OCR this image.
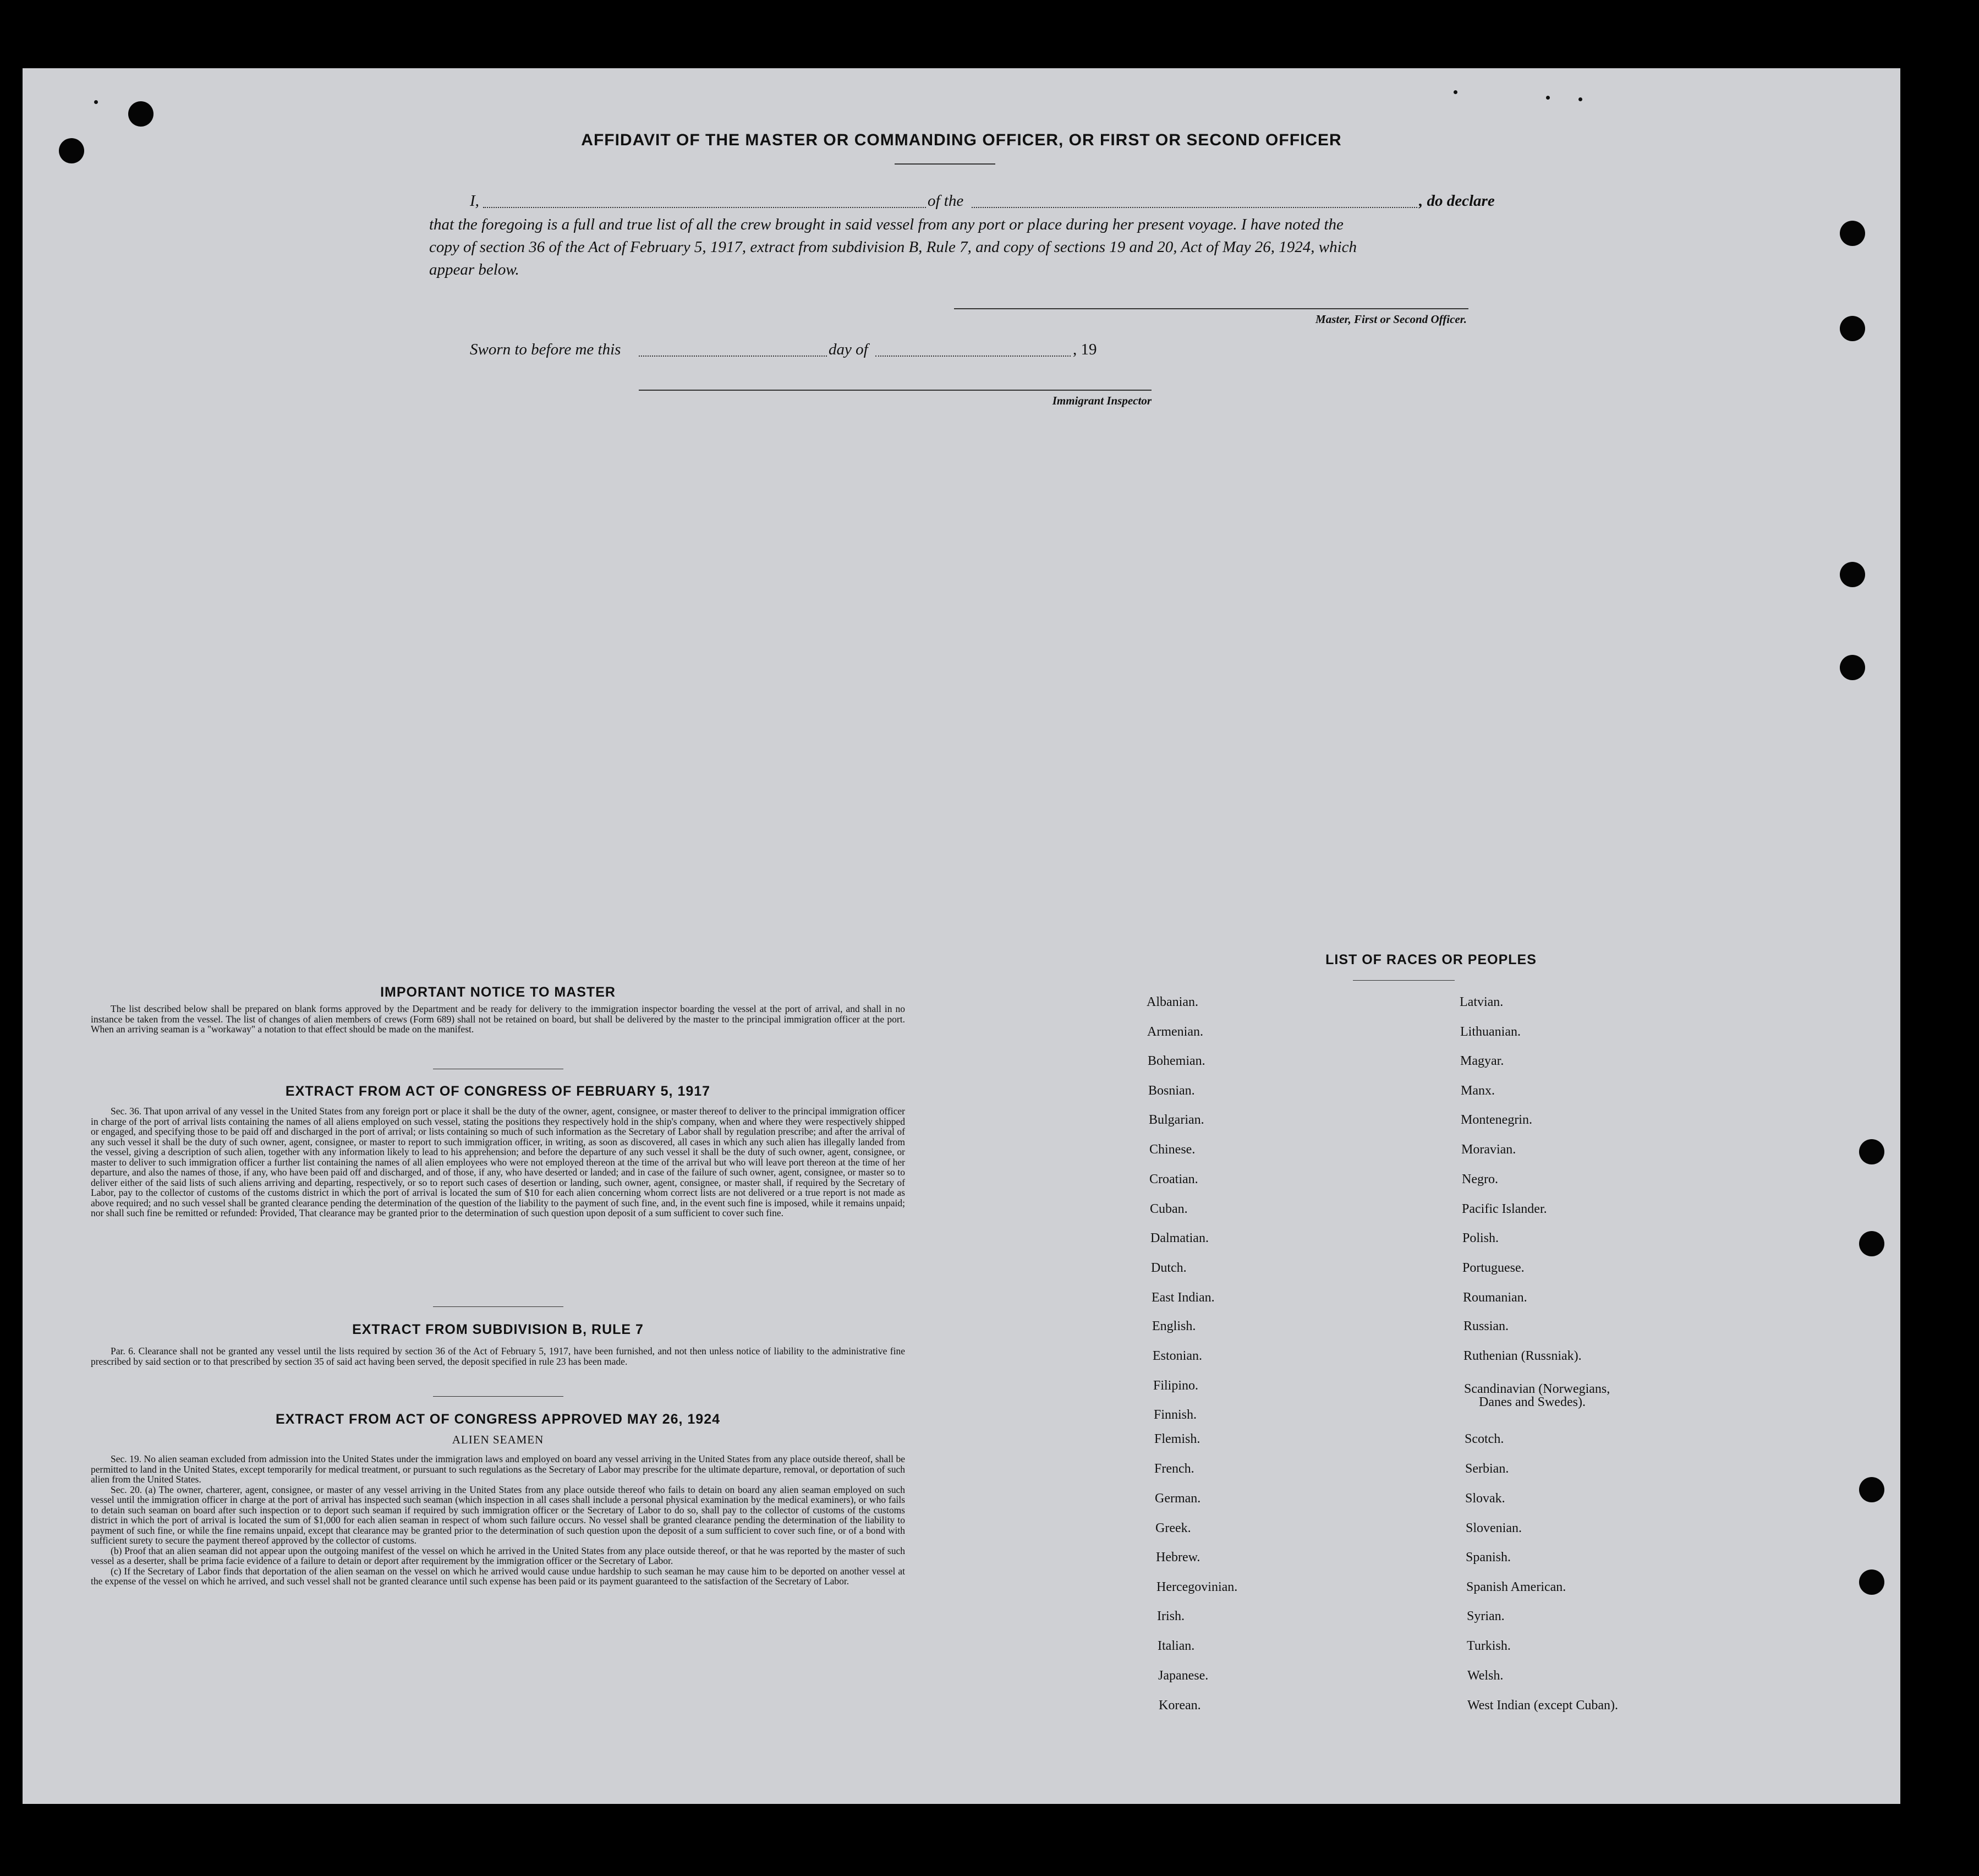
AFFIDAVIT OF THE MASTER OR COMMANDING OFFICER, OR FIRST OR SECOND OFFICER
I,	of the	, do declare
that the foregoing is a full and true list of all the crew brought in said vessel from any port or place during her present voyage. I have noted the
copy of section 36 of the Act of February 5, 1917, extract from subdivision B, Rule 7, and copy of sections 19 and 20, Act of May 26, 1924, which
appear below.
Master, First or Second Officer.
Sworn to before me this	day of	, 19
Immigrant Inspector
IMPORTANT NOTICE TO MASTER

The list described below shall be prepared on blank forms approved by the Department and be ready for delivery to the immigration inspector boarding the vessel at the port of arrival, and shall in no instance be taken from the vessel. The list of changes of alien members of crews (Form 689) shall not be retained on board, but shall be delivered by the master to the principal immigration officer at the port. When an arriving seaman is a "workaway" a notation to that effect should be made on the manifest.

EXTRACT FROM ACT OF CONGRESS OF FEBRUARY 5, 1917

Sec. 36. That upon arrival of any vessel in the United States from any foreign port or place it shall be the duty of the owner, agent, consignee, or master thereof to deliver to the principal immigration officer in charge of the port of arrival lists containing the names of all aliens employed on such vessel, stating the positions they respectively hold in the ship's company, when and where they were respectively shipped or engaged, and specifying those to be paid off and discharged in the port of arrival; or lists containing so much of such information as the Secretary of Labor shall by regulation prescribe; and after the arrival of any such vessel it shall be the duty of such owner, agent, consignee, or master to report to such immigration officer, in writing, as soon as discovered, all cases in which any such alien has illegally landed from the vessel, giving a description of such alien, together with any information likely to lead to his apprehension; and before the departure of any such vessel it shall be the duty of such owner, agent, consignee, or master to deliver to such immigration officer a further list containing the names of all alien employees who were not employed thereon at the time of the arrival but who will leave port thereon at the time of her departure, and also the names of those, if any, who have been paid off and discharged, and of those, if any, who have deserted or landed; and in case of the failure of such owner, agent, consignee, or master so to deliver either of the said lists of such aliens arriving and departing, respectively, or so to report such cases of desertion or landing, such owner, agent, consignee, or master shall, if required by the Secretary of Labor, pay to the collector of customs of the customs district in which the port of arrival is located the sum of $10 for each alien concerning whom correct lists are not delivered or a true report is not made as above required; and no such vessel shall be granted clearance pending the determination of the question of the liability to the payment of such fine, and, in the event such fine is imposed, while it remains unpaid; nor shall such fine be remitted or refunded: Provided, That clearance may be granted prior to the determination of such question upon deposit of a sum sufficient to cover such fine.

EXTRACT FROM SUBDIVISION B, RULE 7

Par. 6. Clearance shall not be granted any vessel until the lists required by section 36 of the Act of February 5, 1917, have been furnished, and not then unless notice of liability to the administrative fine prescribed by said section or to that prescribed by section 35 of said act having been served, the deposit specified in rule 23 has been made.

EXTRACT FROM ACT OF CONGRESS APPROVED MAY 26, 1924
ALIEN SEAMEN

Sec. 19. No alien seaman excluded from admission into the United States under the immigration laws and employed on board any vessel arriving in the United States from any place outside thereof, shall be permitted to land in the United States, except temporarily for medical treatment, or pursuant to such regulations as the Secretary of Labor may prescribe for the ultimate departure, removal, or deportation of such alien from the United States.

Sec. 20. (a) The owner, charterer, agent, consignee, or master of any vessel arriving in the United States from any place outside thereof who fails to detain on board any alien seaman employed on such vessel until the immigration officer in charge at the port of arrival has inspected such seaman (which inspection in all cases shall include a personal physical examination by the medical examiners), or who fails to detain such seaman on board after such inspection or to deport such seaman if required by such immigration officer or the Secretary of Labor to do so, shall pay to the collector of customs of the customs district in which the port of arrival is located the sum of $1,000 for each alien seaman in respect of whom such failure occurs. No vessel shall be granted clearance pending the determination of the liability to payment of such fine, or while the fine remains unpaid, except that clearance may be granted prior to the determination of such question upon the deposit of a sum sufficient to cover such fine, or of a bond with sufficient surety to secure the payment thereof approved by the collector of customs.

(b) Proof that an alien seaman did not appear upon the outgoing manifest of the vessel on which he arrived in the United States from any place outside thereof, or that he was reported by the master of such vessel as a deserter, shall be prima facie evidence of a failure to detain or deport after requirement by the immigration officer or the Secretary of Labor.

(c) If the Secretary of Labor finds that deportation of the alien seaman on the vessel on which he arrived would cause undue hardship to such seaman he may cause him to be deported on another vessel at the expense of the vessel on which he arrived, and such vessel shall not be granted clearance until such expense has been paid or its payment guaranteed to the satisfaction of the Secretary of Labor.

LIST OF RACES OR PEOPLES
Albanian.
Armenian.
Bohemian.
Bosnian.
Bulgarian.
Chinese.
Croatian.
Cuban.
Dalmatian.
Dutch.
East Indian.
English.
Estonian.
Filipino.
Finnish.
Flemish.
French.
German.
Greek.
Hebrew.
Hercegovinian.
Irish.
Italian.
Japanese.
Korean.
Latvian.
Lithuanian.
Magyar.
Manx.
Montenegrin.
Moravian.
Negro.
Pacific Islander.
Polish.
Portuguese.
Roumanian.
Russian.
Ruthenian (Russniak).
Scandinavian (Norwegians,
Danes and Swedes).
Scotch.
Serbian.
Slovak.
Slovenian.
Spanish.
Spanish American.
Syrian.
Turkish.
Welsh.
West Indian (except Cuban).
